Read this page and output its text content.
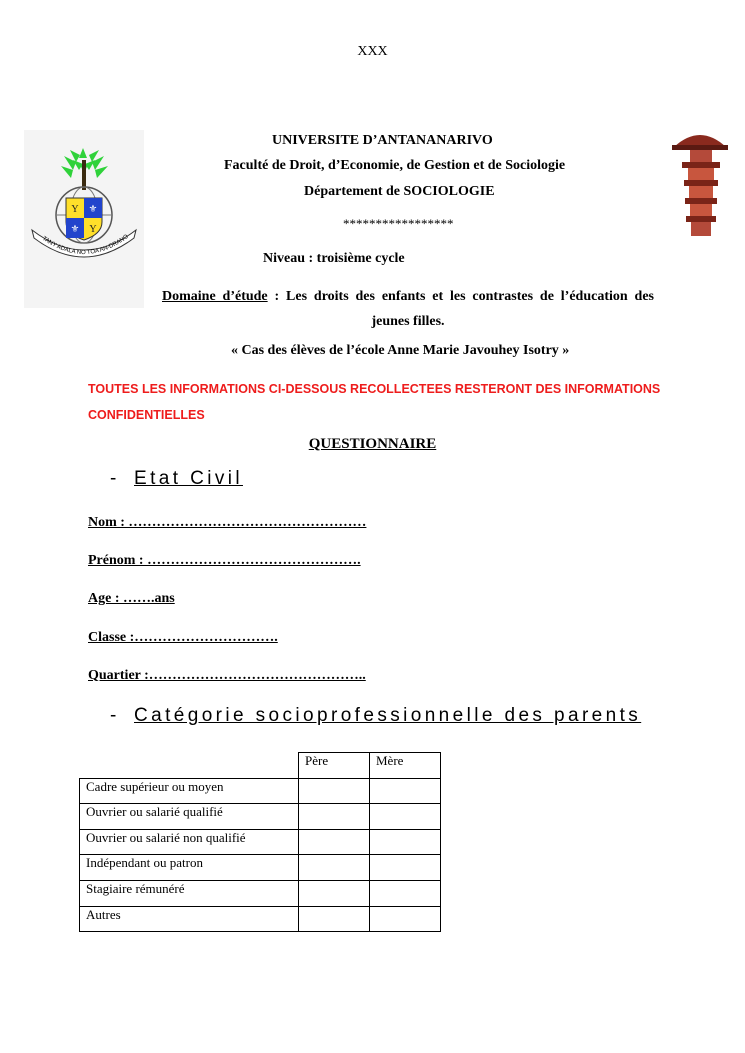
XXX
Y ⚜
⚜ Y
TANY ADALA NO TOA AN-DRANO
UNIVERSITE D’ANTANANARIVO
Faculté de Droit, d’Economie, de Gestion et de Sociologie
Département de SOCIOLOGIE
*****************
Niveau : troisième cycle
Domaine d’étude : Les droits des enfants et les contrastes de l’éducation des jeunes filles.
« Cas des élèves de l’école Anne Marie Javouhey Isotry »
TOUTES LES INFORMATIONS CI-DESSOUS RECOLLECTEES RESTERONT DES INFORMATIONS CONFIDENTIELLES
QUESTIONNAIRE
- Etat Civil
Nom : ……………………………………………
Prénom : ……………………………………….
Age : …….ans
Classe :………………………….
Quartier :………………………………………..
- Catégorie socioprofessionnelle des parents
	Père	Mère
Cadre supérieur ou moyen		
Ouvrier ou salarié qualifié		
Ouvrier ou salarié non qualifié		
Indépendant ou patron		
Stagiaire rémunéré		
Autres		
